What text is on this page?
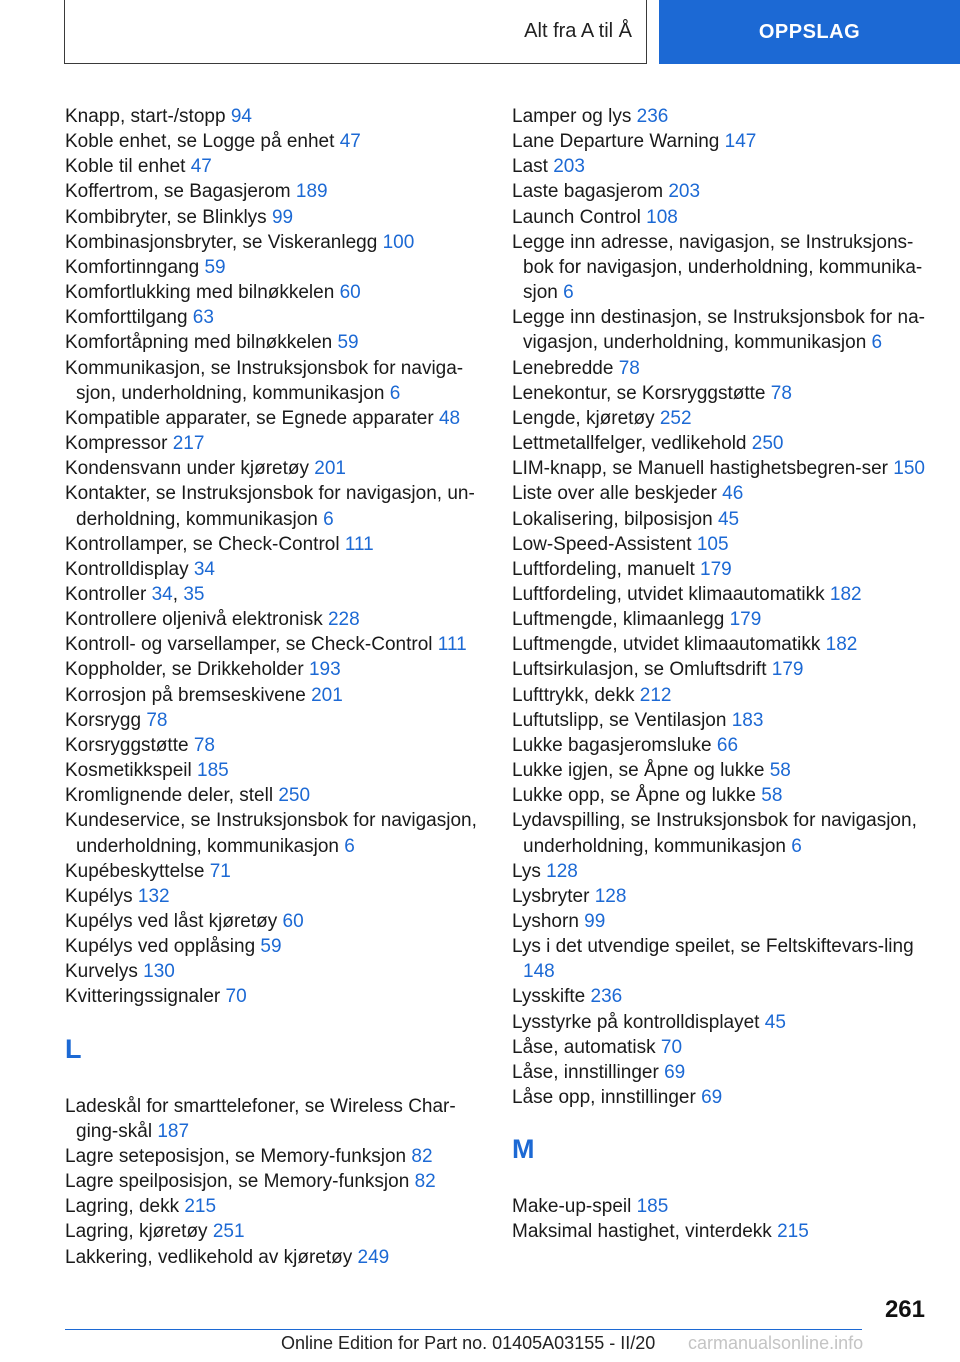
Alt fra A til Å	OPPSLAG
Knapp, start-/stopp 94
Koble enhet, se Logge på enhet 47
Koble til enhet 47
Koffertrom, se Bagasjerom 189
Kombibryter, se Blinklys 99
Kombinasjonsbryter, se Viskeranlegg 100
Komfortinngang 59
Komfortlukking med bilnøkkelen 60
Komforttilgang 63
Komfortåpning med bilnøkkelen 59
Kommunikasjon, se Instruksjonsbok for naviga-sjon, underholdning, kommunikasjon 6
Kompatible apparater, se Egnede apparater 48
Kompressor 217
Kondensvann under kjøretøy 201
Kontakter, se Instruksjonsbok for navigasjon, un-derholdning, kommunikasjon 6
Kontrollamper, se Check-Control 111
Kontrolldisplay 34
Kontroller 34, 35
Kontrollere oljenivå elektronisk 228
Kontroll- og varsellamper, se Check-Control 111
Koppholder, se Drikkeholder 193
Korrosjon på bremseskivene 201
Korsrygg 78
Korsryggstøtte 78
Kosmetikkspeil 185
Kromlignende deler, stell 250
Kundeservice, se Instruksjonsbok for navigasjon, underholdning, kommunikasjon 6
Kupébeskyttelse 71
Kupélys 132
Kupélys ved låst kjøretøy 60
Kupélys ved opplåsing 59
Kurvelys 130
Kvitteringssignaler 70
L
Ladeskål for smarttelefoner, se Wireless Char-ging-skål 187
Lagre seteposisjon, se Memory-funksjon 82
Lagre speilposisjon, se Memory-funksjon 82
Lagring, dekk 215
Lagring, kjøretøy 251
Lakkering, vedlikehold av kjøretøy 249
Lamper og lys 236
Lane Departure Warning 147
Last 203
Laste bagasjerom 203
Launch Control 108
Legge inn adresse, navigasjon, se Instruksjons-bok for navigasjon, underholdning, kommunika-sjon 6
Legge inn destinasjon, se Instruksjonsbok for na-vigasjon, underholdning, kommunikasjon 6
Lenebredde 78
Lenekontur, se Korsryggstøtte 78
Lengde, kjøretøy 252
Lettmetallfelger, vedlikehold 250
LIM-knapp, se Manuell hastighetsbegren-ser 150
Liste over alle beskjeder 46
Lokalisering, bilposisjon 45
Low-Speed-Assistent 105
Luftfordeling, manuelt 179
Luftfordeling, utvidet klimaautomatikk 182
Luftmengde, klimaanlegg 179
Luftmengde, utvidet klimaautomatikk 182
Luftsirkulasjon, se Omluftsdrift 179
Lufttrykk, dekk 212
Luftutslipp, se Ventilasjon 183
Lukke bagasjeromsluke 66
Lukke igjen, se Åpne og lukke 58
Lukke opp, se Åpne og lukke 58
Lydavspilling, se Instruksjonsbok for navigasjon, underholdning, kommunikasjon 6
Lys 128
Lysbryter 128
Lyshorn 99
Lys i det utvendige speilet, se Feltskiftevars-ling 148
Lysskifte 236
Lysstyrke på kontrolldisplayet 45
Låse, automatisk 70
Låse, innstillinger 69
Låse opp, innstillinger 69
M
Make-up-speil 185
Maksimal hastighet, vinterdekk 215
261
Online Edition for Part no. 01405A03155 - II/20 carmanualsonline.info
